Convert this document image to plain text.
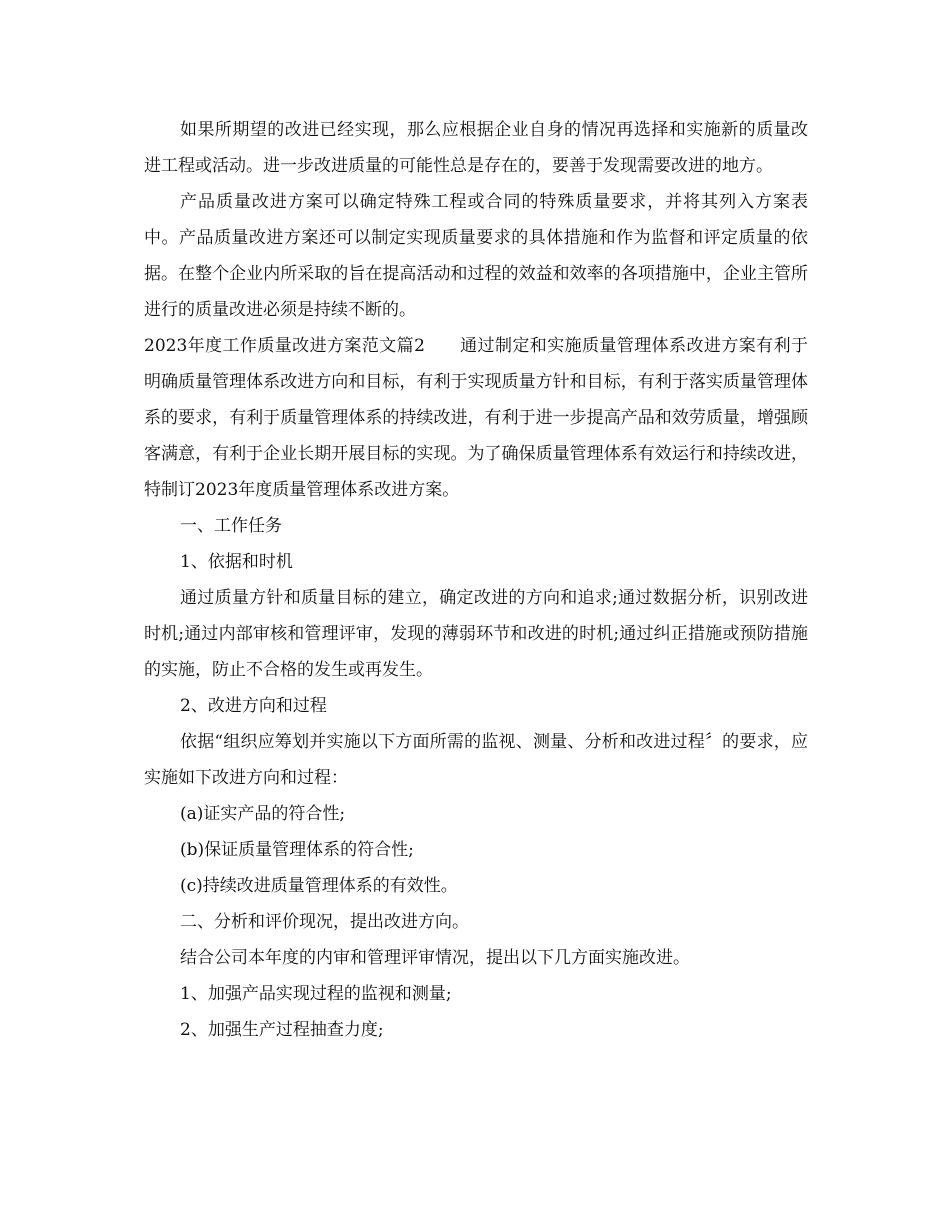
如果所期望的改进已经实现，那么应根据企业自身的情况再选择和实施新的质量改进工程或活动。进一步改进质量的可能性总是存在的，要善于发现需要改进的地方。

产品质量改进方案可以确定特殊工程或合同的特殊质量要求，并将其列入方案表中。产品质量改进方案还可以制定实现质量要求的具体措施和作为监督和评定质量的依据。在整个企业内所采取的旨在提高活动和过程的效益和效率的各项措施中，企业主管所进行的质量改进必须是持续不断的。

2023年度工作质量改进方案范文篇2　　通过制定和实施质量管理体系改进方案有利于明确质量管理体系改进方向和目标，有利于实现质量方针和目标，有利于落实质量管理体系的要求，有利于质量管理体系的持续改进，有利于进一步提高产品和效劳质量，增强顾客满意，有利于企业长期开展目标的实现。为了确保质量管理体系有效运行和持续改进，特制订2023年度质量管理体系改进方案。

一、工作任务

1、依据和时机

通过质量方针和质量目标的建立，确定改进的方向和追求;通过数据分析，识别改进时机;通过内部审核和管理评审，发现的薄弱环节和改进的时机;通过纠正措施或预防措施的实施，防止不合格的发生或再发生。

2、改进方向和过程

依据“组织应筹划并实施以下方面所需的监视、测量、分析和改进过程〞的要求，应实施如下改进方向和过程：

(a)证实产品的符合性;

(b)保证质量管理体系的符合性;

(c)持续改进质量管理体系的有效性。

二、分析和评价现况，提出改进方向。

结合公司本年度的内审和管理评审情况，提出以下几方面实施改进。

1、加强产品实现过程的监视和测量;

2、加强生产过程抽查力度;
